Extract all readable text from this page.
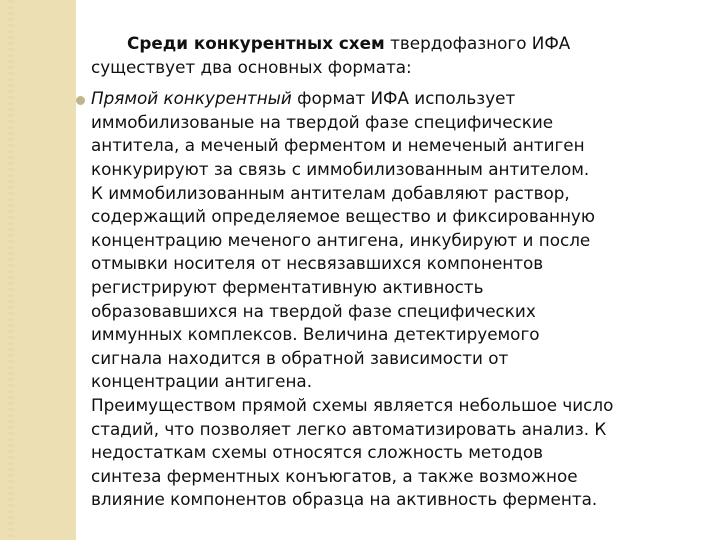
Среди конкурентных схем твердофазного ИФА
существует два основных формата:
Прямой конкурентный формат ИФА использует
иммобилизованые на твердой фазе специфические
антитела, а меченый ферментом и немеченый антиген
конкурируют за связь с иммобилизованным антителом.
К иммобилизованным антителам добавляют раствор,
содержащий определяемое вещество и фиксированную
концентрацию меченого антигена, инкубируют и после
отмывки носителя от несвязавшихся компонентов
регистрируют ферментативную активность
образовавшихся на твердой фазе специфических
иммунных комплексов. Величина детектируемого
сигнала находится в обратной зависимости от
концентрации антигена.
Преимуществом прямой схемы является небольшое число
стадий, что позволяет легко автоматизировать анализ. К
недостаткам схемы относятся сложность методов
синтеза ферментных конъюгатов, а также возможное
влияние компонентов образца на активность фермента.
